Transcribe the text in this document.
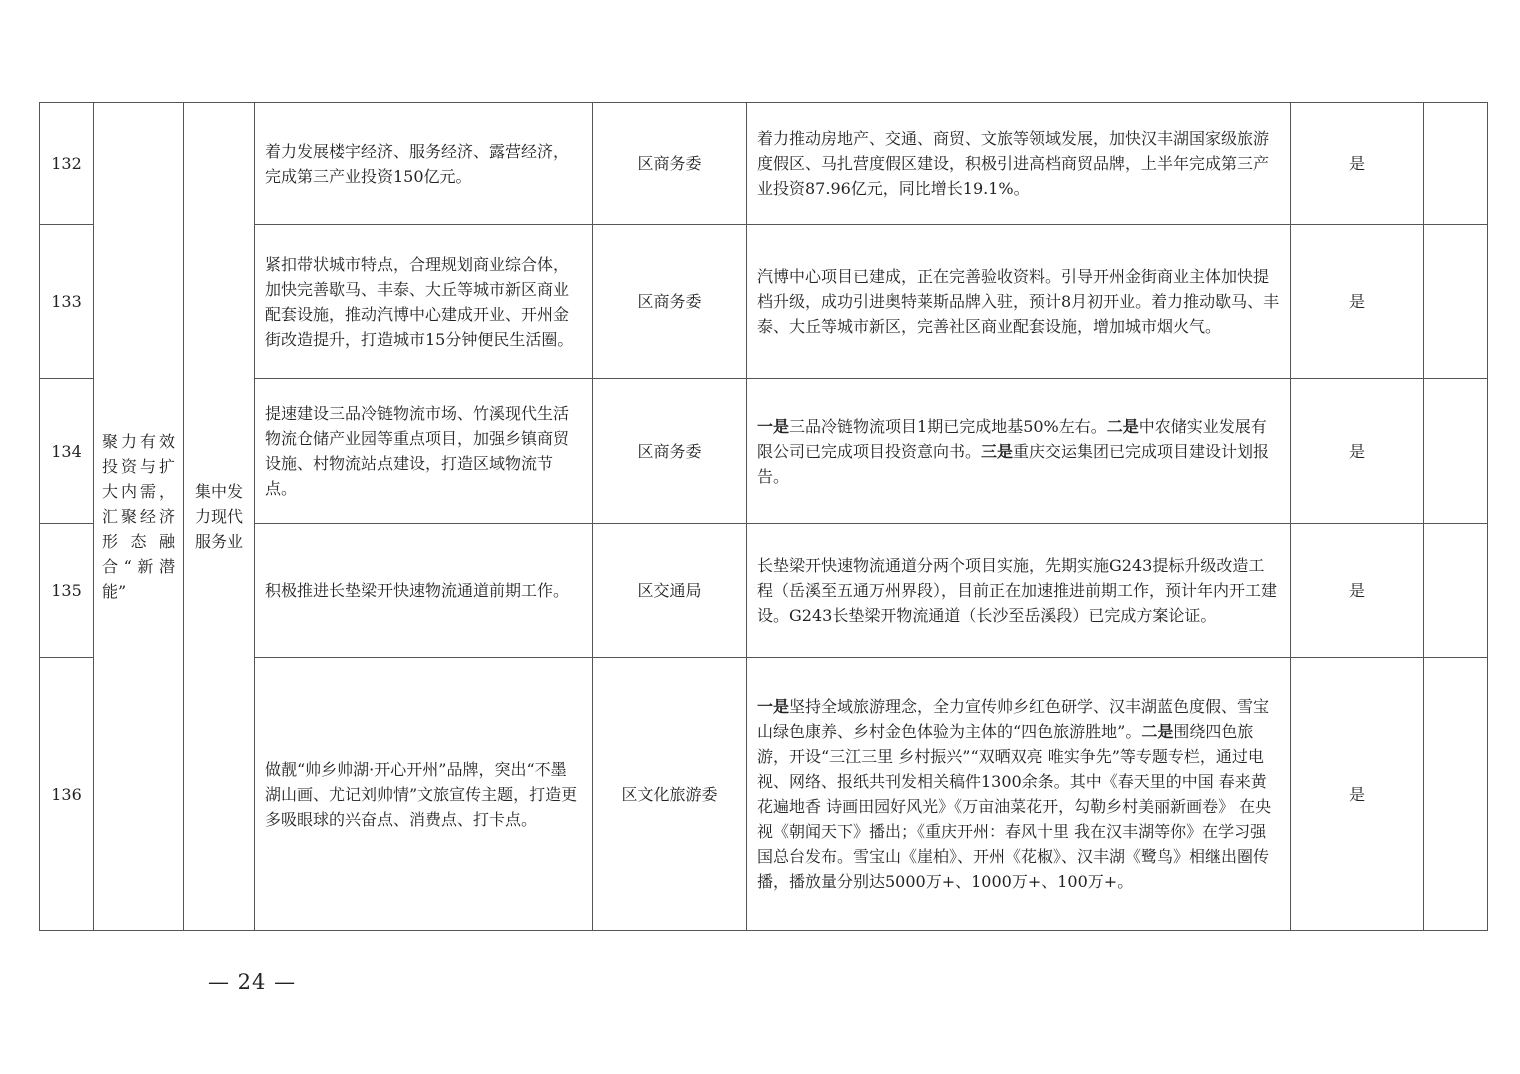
132	聚力有效投资与扩大内需，汇聚经济形态融合“新潜能”	集中发力现代服务业	着力发展楼宇经济、服务经济、露营经济，完成第三产业投资150亿元。	区商务委	着力推动房地产、交通、商贸、文旅等领域发展，加快汉丰湖国家级旅游度假区、马扎营度假区建设，积极引进高档商贸品牌，上半年完成第三产业投资87.96亿元，同比增长19.1%。	是	
133			紧扣带状城市特点，合理规划商业综合体，加快完善歇马、丰泰、大丘等城市新区商业配套设施，推动汽博中心建成开业、开州金街改造提升，打造城市15分钟便民生活圈。	区商务委	汽博中心项目已建成，正在完善验收资料。引导开州金街商业主体加快提档升级，成功引进奥特莱斯品牌入驻，预计8月初开业。着力推动歇马、丰泰、大丘等城市新区，完善社区商业配套设施，增加城市烟火气。	是	
134			提速建设三品冷链物流市场、竹溪现代生活物流仓储产业园等重点项目，加强乡镇商贸设施、村物流站点建设，打造区域物流节点。	区商务委	一是三品冷链物流项目1期已完成地基50%左右。二是中农储实业发展有限公司已完成项目投资意向书。三是重庆交运集团已完成项目建设计划报告。	是	
135			积极推进长垫梁开快速物流通道前期工作。	区交通局	长垫梁开快速物流通道分两个项目实施，先期实施G243提标升级改造工程（岳溪至五通万州界段），目前正在加速推进前期工作，预计年内开工建设。G243长垫梁开物流通道（长沙至岳溪段）已完成方案论证。	是	
136			做靓“帅乡帅湖·开心开州”品牌，突出“不墨湖山画、尤记刘帅情”文旅宣传主题，打造更多吸眼球的兴奋点、消费点、打卡点。	区文化旅游委	一是坚持全域旅游理念，全力宣传帅乡红色研学、汉丰湖蓝色度假、雪宝山绿色康养、乡村金色体验为主体的“四色旅游胜地”。二是围绕四色旅游，开设“三江三里 乡村振兴”“双晒双亮 唯实争先”等专题专栏，通过电视、网络、报纸共刊发相关稿件1300余条。其中《春天里的中国 春来黄花遍地香 诗画田园好风光》《万亩油菜花开，勾勒乡村美丽新画卷》 在央视《朝闻天下》播出；《重庆开州：春风十里 我在汉丰湖等你》在学习强国总台发布。雪宝山《崖柏》、开州《花椒》、汉丰湖《鹭鸟》相继出圈传播，播放量分别达5000万+、1000万+、100万+。	是	
— 24 —
